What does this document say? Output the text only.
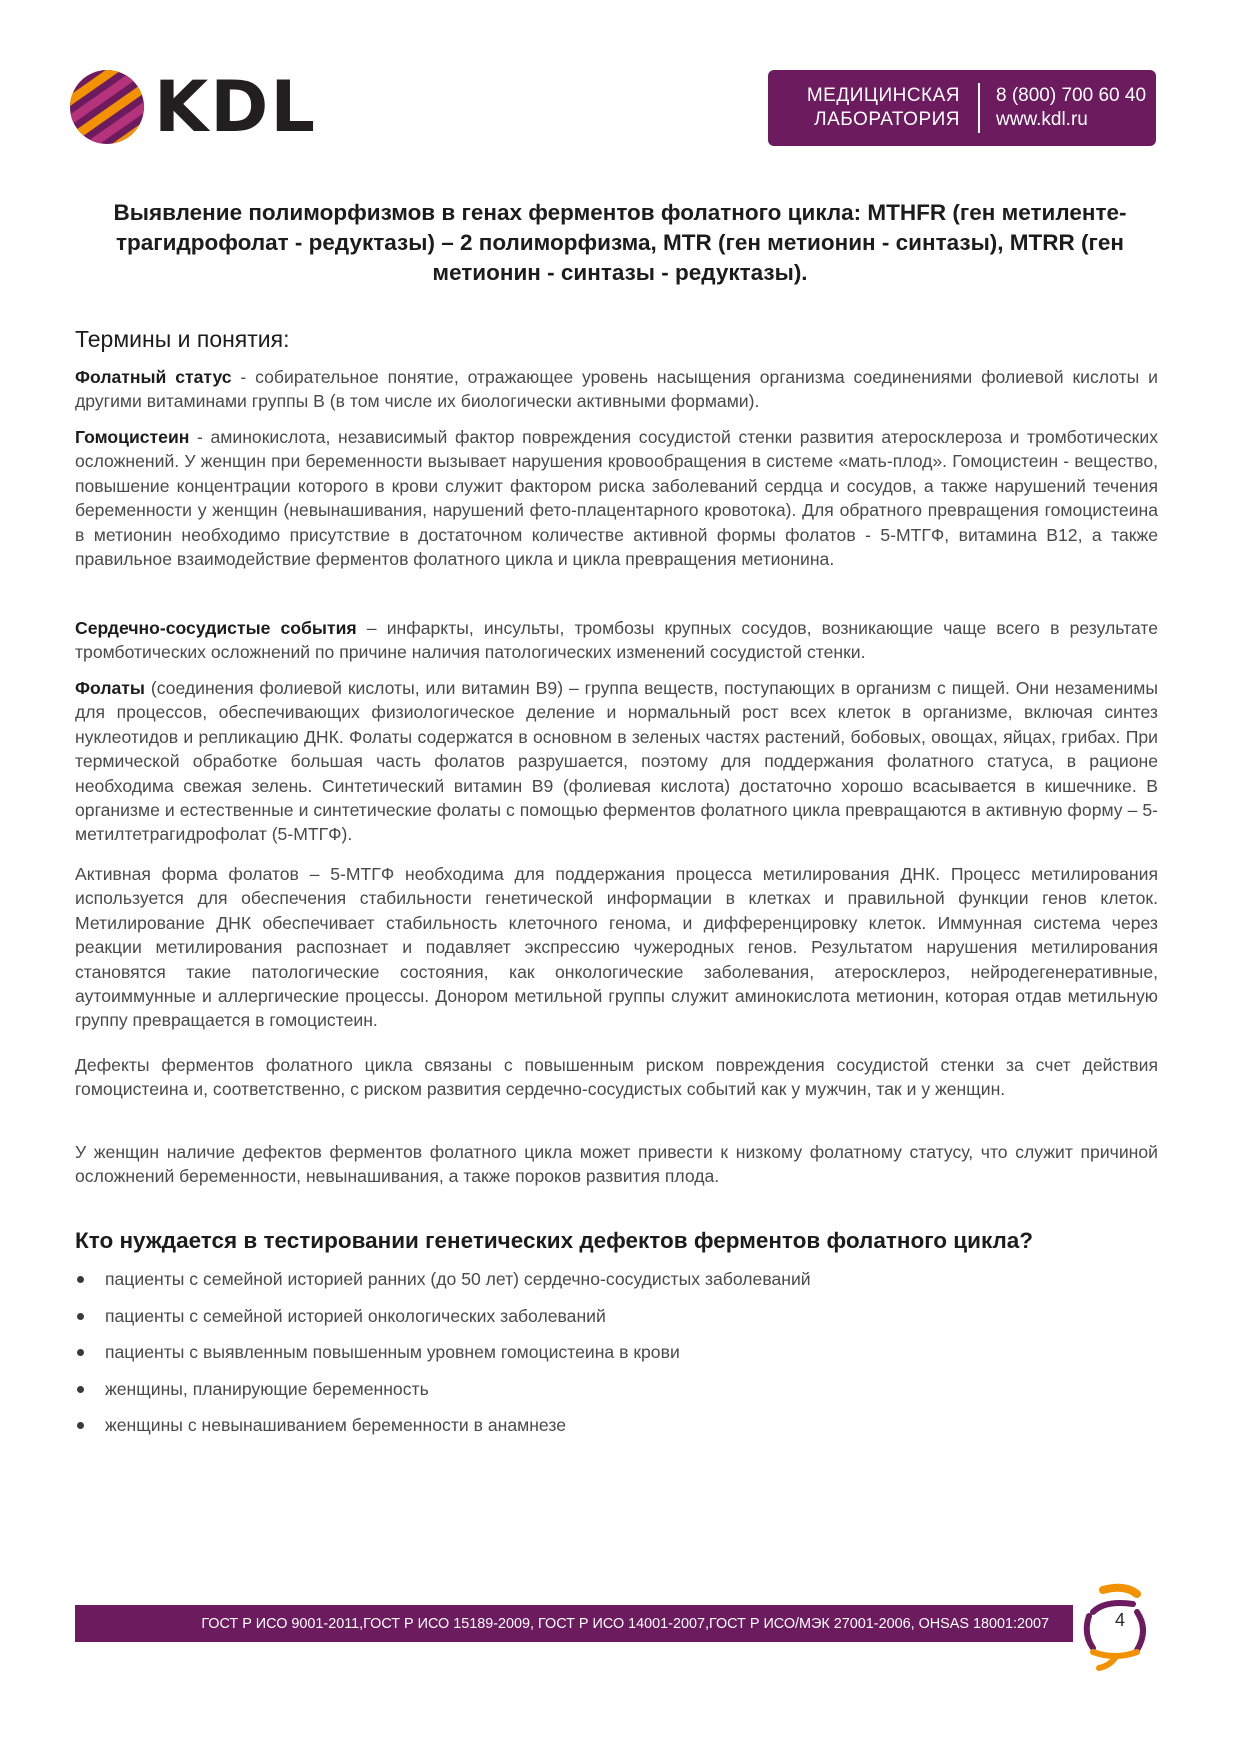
KDL	МЕДИЦИНСКАЯ
ЛАБОРАТОРИЯ
8 (800) 700 60 40
www.kdl.ru
Выявление полиморфизмов в генах ферментов фолатного цикла: MTHFR (ген метиленте-
трагидрофолат - редуктазы) – 2 полиморфизма, MTR (ген метионин - синтазы), MTRR (ген
метионин - синтазы - редуктазы).
Термины и понятия:
Фолатный статус - собирательное понятие, отражающее уровень насыщения организма соединениями фолиевой кислоты и другими витаминами группы В (в том числе их биологически активными формами).
Гомоцистеин - аминокислота, независимый фактор повреждения сосудистой стенки развития атеросклероза и тромботических осложнений. У женщин при беременности вызывает нарушения кровообращения в системе «мать-плод». Гомоцистеин - вещество, повышение концентрации которого в крови служит фактором риска заболеваний сердца и сосудов, а также нарушений течения беременности у женщин (невынашивания, нарушений фето-плацентарного кровотока). Для обратного превращения гомоцистеина в метионин необходимо присутствие в достаточном количестве активной формы фолатов - 5-МТГФ, витамина В12, а также правильное взаимодействие ферментов фолатного цикла и цикла превращения метионина.
Сердечно-сосудистые события – инфаркты, инсульты, тромбозы крупных сосудов, возникающие чаще всего в результате тромботических осложнений по причине наличия патологических изменений сосудистой стенки.
Фолаты (соединения фолиевой кислоты, или витамин В9) – группа веществ, поступающих в организм с пищей. Они незаменимы для процессов, обеспечивающих физиологическое деление и нормальный рост всех клеток в организме, включая синтез нуклеотидов и репликацию ДНК. Фолаты содержатся в основном в зеленых частях растений, бобовых, овощах, яйцах, грибах. При термической обработке большая часть фолатов разрушается, поэтому для поддержания фолатного статуса, в рационе необходима свежая зелень. Синтетический витамин В9 (фолиевая кислота) достаточно хорошо всасывается в кишечнике. В организме и естественные и синтетические фолаты с помощью ферментов фолатного цикла превращаются в активную форму – 5-метилтетрагидрофолат (5-МТГФ).
Активная форма фолатов – 5-МТГФ необходима для поддержания процесса метилирования ДНК. Процесс метилирования используется для обеспечения стабильности генетической информации в клетках и правильной функции генов клеток. Метилирование ДНК обеспечивает стабильность клеточного генома, и дифференцировку клеток. Иммунная система через реакции метилирования распознает и подавляет экспрессию чужеродных генов. Результатом нарушения метилирования становятся такие патологические состояния, как онкологические заболевания, атеросклероз, нейродегенеративные, аутоиммунные и аллергические процессы. Донором метильной группы служит аминокислота метионин, которая отдав метильную группу превращается в гомоцистеин.
Дефекты ферментов фолатного цикла связаны с повышенным риском повреждения сосудистой стенки за счет действия гомоцистеина и, соответственно, с риском развития сердечно-сосудистых событий как у мужчин, так и у женщин.
У женщин наличие дефектов ферментов фолатного цикла может привести к низкому фолатному статусу, что служит причиной осложнений беременности, невынашивания, а также пороков развития плода.
Кто нуждается в тестировании генетических дефектов ферментов фолатного цикла?
пациенты с семейной историей ранних (до 50 лет) сердечно-сосудистых заболеваний
пациенты с семейной историей онкологических заболеваний
пациенты с выявленным повышенным уровнем гомоцистеина в крови
женщины, планирующие беременность
женщины с невынашиванием беременности в анамнезе
ГОСТ Р ИСО 9001-2011,ГОСТ Р ИСО 15189-2009, ГОСТ Р ИСО 14001-2007,ГОСТ Р ИСО/МЭК 27001-2006, OHSAS 18001:2007	4
